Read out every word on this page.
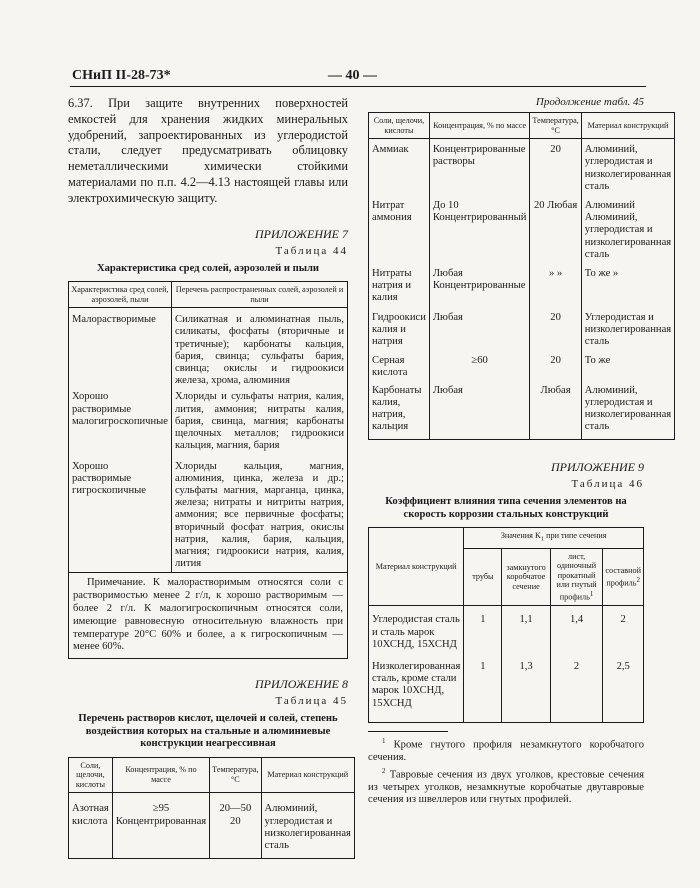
СНиП II-28-73*	— 40 —

6.37. При защите внутренних поверхностей емкостей для хранения жидких минеральных удобрений, запроектированных из углеродистой стали, следует предусматривать облицовку неметаллическими химически стойкими материалами по п.п. 4.2—4.13 настоящей главы или электрохимическую защиту.

ПРИЛОЖЕНИЕ 7

Таблица 44

Характеристика сред солей, аэрозолей и пыли

Характеристика сред солей, аэрозолей, пыли	Перечень распространенных солей, аэрозолей и пыли
Малорастворимые	Силикатная и алюминатная пыль, силикаты, фосфаты (вторичные и третичные); карбонаты кальция, бария, свинца; сульфаты бария, свинца; окислы и гидроокиси железа, хрома, алюминия
Хорошо растворимые малогигроскопичные	Хлориды и сульфаты натрия, калия, лития, аммония; нитраты калия, бария, свинца, магния; карбонаты щелочных металлов; гидроокиси кальция, магния, бария
Хорошо растворимые гигроскопичные	Хлориды кальция, магния, алюминия, цинка, железа и др.; сульфаты магния, марганца, цинка, железа; нитраты и нитриты натрия, аммония; все первичные фосфаты; вторичный фосфат натрия, окислы натрия, калия, бария, кальция, магния; гидроокиси натрия, калия, лития
Примечание. К малорастворимым относятся соли с растворимостью менее 2 г/л, к хорошо растворимым — более 2 г/л. К малогигроскопичным относятся соли, имеющие равновесную относительную влажность при температуре 20°С 60% и более, а к гигроскопичным — менее 60%.

ПРИЛОЖЕНИЕ 8

Таблица 45

Перечень растворов кислот, щелочей и солей, степень воздействия которых на стальные и алюминиевые конструкции неагрессивная

Соли, щелочи, кислоты	Концентрация, % по массе	Температура, °С	Материал конструкций
Азотная кислота	≥95 Концентрированная	20—50 20	Алюминий, углеродистая и низколегированная сталь

Продолжение табл. 45

Соли, щелочи, кислоты	Концентрация, % по массе	Температура, °С	Материал конструкций
Аммиак	Концентрированные растворы	20	Алюминий, углеродистая и низколегированная сталь
Нитрат аммония	До 10 Концентрированный	20 Любая	Алюминий Алюминий, углеродистая и низколегированная сталь
Нитраты натрия и калия	Любая Концентрированные	» »	То же »
Гидроокиси калия и натрия	Любая	20	Углеродистая и низколегированная сталь
Серная кислота	≥60	20	То же
Карбонаты калия, натрия, кальция	Любая	Любая	Алюминий, углеродистая и низколегированная сталь

ПРИЛОЖЕНИЕ 9

Таблица 46

Коэффициент влияния типа сечения элементов на скорость коррозии стальных конструкций

Материал конструкций	Значения $K_1$ при типе сечения			
	трубы	замкнутого коробчатое сечение	лист, одиночный прокатный или гнутый профиль$^1$	составной профиль$^2$
Углеродистая сталь и сталь марок 10ХСНД, 15ХСНД	1	1,1	1,4	2
Низколегированная сталь, кроме стали марок 10ХСНД, 15ХСНД	1	1,3	2	2,5

$^1$ Кроме гнутого профиля незамкнутого коробчатого сечения.

$^2$ Тавровые сечения из двух уголков, крестовые сечения из четырех уголков, незамкнутые коробчатые двутавровые сечения из швеллеров или гнутых профилей.
